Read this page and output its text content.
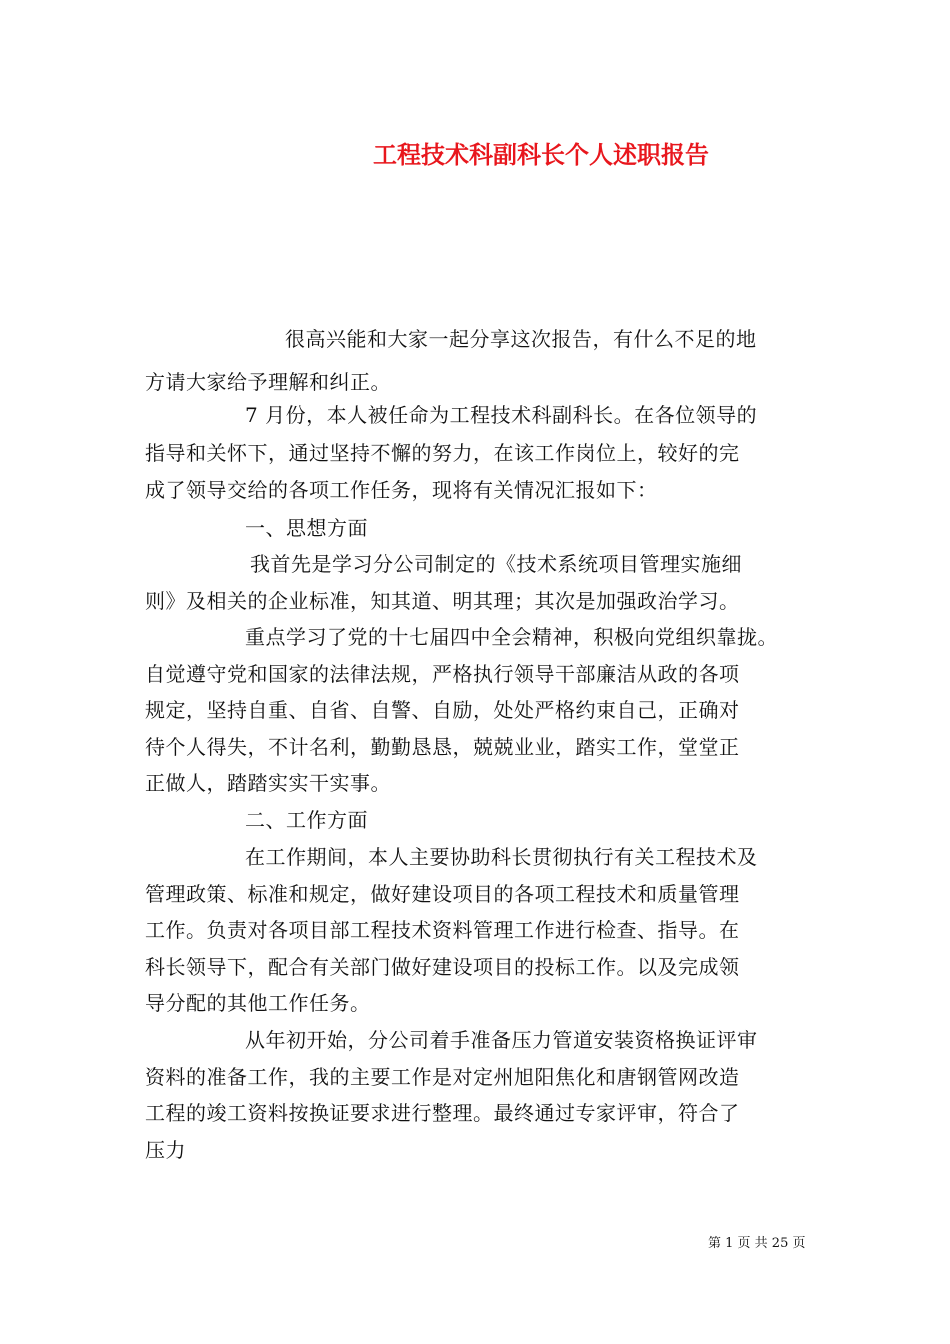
工程技术科副科长个人述职报告
很高兴能和大家一起分享这次报告，有什么不足的地
方请大家给予理解和纠正。
7 月份，本人被任命为工程技术科副科长。在各位领导的
指导和关怀下，通过坚持不懈的努力，在该工作岗位上，较好的完
成了领导交给的各项工作任务，现将有关情况汇报如下：
一、思想方面
我首先是学习分公司制定的《技术系统项目管理实施细
则》及相关的企业标准，知其道、明其理；其次是加强政治学习。
重点学习了党的十七届四中全会精神，积极向党组织靠拢。
自觉遵守党和国家的法律法规，严格执行领导干部廉洁从政的各项
规定，坚持自重、自省、自警、自励，处处严格约束自己，正确对
待个人得失，不计名利，勤勤恳恳，兢兢业业，踏实工作，堂堂正
正做人，踏踏实实干实事。
二、工作方面
在工作期间，本人主要协助科长贯彻执行有关工程技术及
管理政策、标准和规定，做好建设项目的各项工程技术和质量管理
工作。负责对各项目部工程技术资料管理工作进行检查、指导。在
科长领导下，配合有关部门做好建设项目的投标工作。以及完成领
导分配的其他工作任务。
从年初开始，分公司着手准备压力管道安装资格换证评审
资料的准备工作，我的主要工作是对定州旭阳焦化和唐钢管网改造
工程的竣工资料按换证要求进行整理。最终通过专家评审，符合了
压力
第 1 页 共 25 页
